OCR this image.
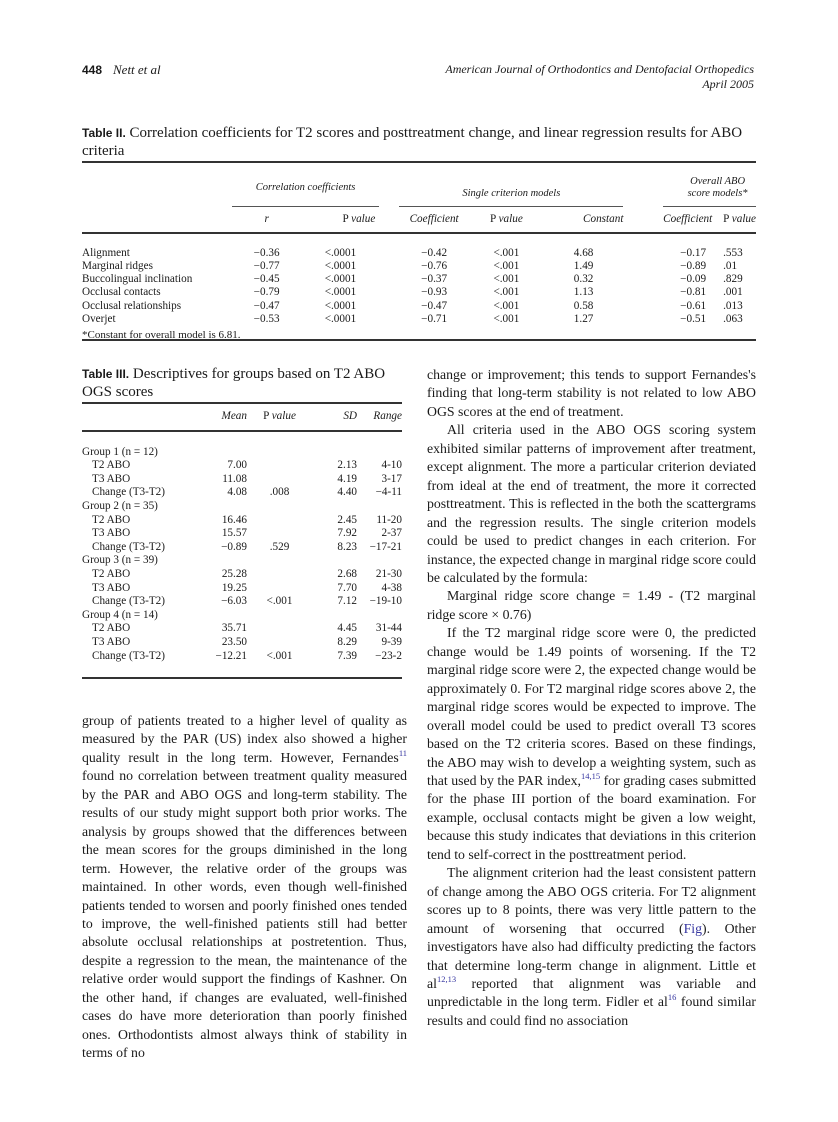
448 Nett et al	American Journal of Orthodontics and Dentofacial Orthopedics
April 2005
Table II. Correlation coefficients for T2 scores and posttreatment change, and linear regression results for ABO criteria

	Correlation coefficients			Single criterion models				Overall ABO score models*	
	r	P value		Coefficient	P value	Constant		Coefficient	P value

Alignment	−0.36	<.0001		−0.42	<.001	4.68		−0.17	.553
Marginal ridges	−0.77	<.0001		−0.76	<.001	1.49		−0.89	.01
Buccolingual inclination	−0.45	<.0001		−0.37	<.001	0.32		−0.09	.829
Occlusal contacts	−0.79	<.0001		−0.93	<.001	1.13		−0.81	.001
Occlusal relationships	−0.47	<.0001		−0.47	<.001	0.58		−0.61	.013
Overjet	−0.53	<.0001		−0.71	<.001	1.27		−0.51	.063

*Constant for overall model is 6.81.
Table III. Descriptives for groups based on T2 ABO OGS scores
	Mean	P value	SD	Range

Group 1 (n = 12)				
T2 ABO	7.00		2.13	4-10
T3 ABO	11.08		4.19	3-17
Change (T3-T2)	4.08	.008	4.40	−4-11
Group 2 (n = 35)				
T2 ABO	16.46		2.45	11-20
T3 ABO	15.57		7.92	2-37
Change (T3-T2)	−0.89	.529	8.23	−17-21
Group 3 (n = 39)				
T2 ABO	25.28		2.68	21-30
T3 ABO	19.25		7.70	4-38
Change (T3-T2)	−6.03	<.001	7.12	−19-10
Group 4 (n = 14)				
T2 ABO	35.71		4.45	31-44
T3 ABO	23.50		8.29	9-39
Change (T3-T2)	−12.21	<.001	7.39	−23-2

group of patients treated to a higher level of quality as measured by the PAR (US) index also showed a higher quality result in the long term. However, Fernandes$^{11}$ found no correlation between treatment quality measured by the PAR and ABO OGS and long-term stability. The results of our study might support both prior works. The analysis by groups showed that the differences between the mean scores for the groups diminished in the long term. However, the relative order of the groups was maintained. In other words, even though well-finished patients tended to worsen and poorly finished ones tended to improve, the well-finished patients still had better absolute occlusal relationships at postretention. Thus, despite a regression to the mean, the maintenance of the relative order would support the findings of Kashner. On the other hand, if changes are evaluated, well-finished cases do have more deterioration than poorly finished ones. Orthodontists almost always think of stability in terms of no

change or improvement; this tends to support Fernandes's finding that long-term stability is not related to low ABO OGS scores at the end of treatment.

All criteria used in the ABO OGS scoring system exhibited similar patterns of improvement after treatment, except alignment. The more a particular criterion deviated from ideal at the end of treatment, the more it corrected posttreatment. This is reflected in the both the scattergrams and the regression results. The single criterion models could be used to predict changes in each criterion. For instance, the expected change in marginal ridge score could be calculated by the formula:

Marginal ridge score change = 1.49 - (T2 marginal ridge score × 0.76)

If the T2 marginal ridge score were 0, the predicted change would be 1.49 points of worsening. If the T2 marginal ridge score were 2, the expected change would be approximately 0. For T2 marginal ridge scores above 2, the marginal ridge scores would be expected to improve. The overall model could be used to predict overall T3 scores based on the T2 criteria scores. Based on these findings, the ABO may wish to develop a weighting system, such as that used by the PAR index,$^{14,15}$ for grading cases submitted for the phase III portion of the board examination. For example, occlusal contacts might be given a low weight, because this study indicates that deviations in this criterion tend to self-correct in the posttreatment period.

The alignment criterion had the least consistent pattern of change among the ABO OGS criteria. For T2 alignment scores up to 8 points, there was very little pattern to the amount of worsening that occurred (Fig). Other investigators have also had difficulty predicting the factors that determine long-term change in alignment. Little et al$^{12,13}$ reported that alignment was variable and unpredictable in the long term. Fidler et $al^{16}$ found similar results and could find no association
